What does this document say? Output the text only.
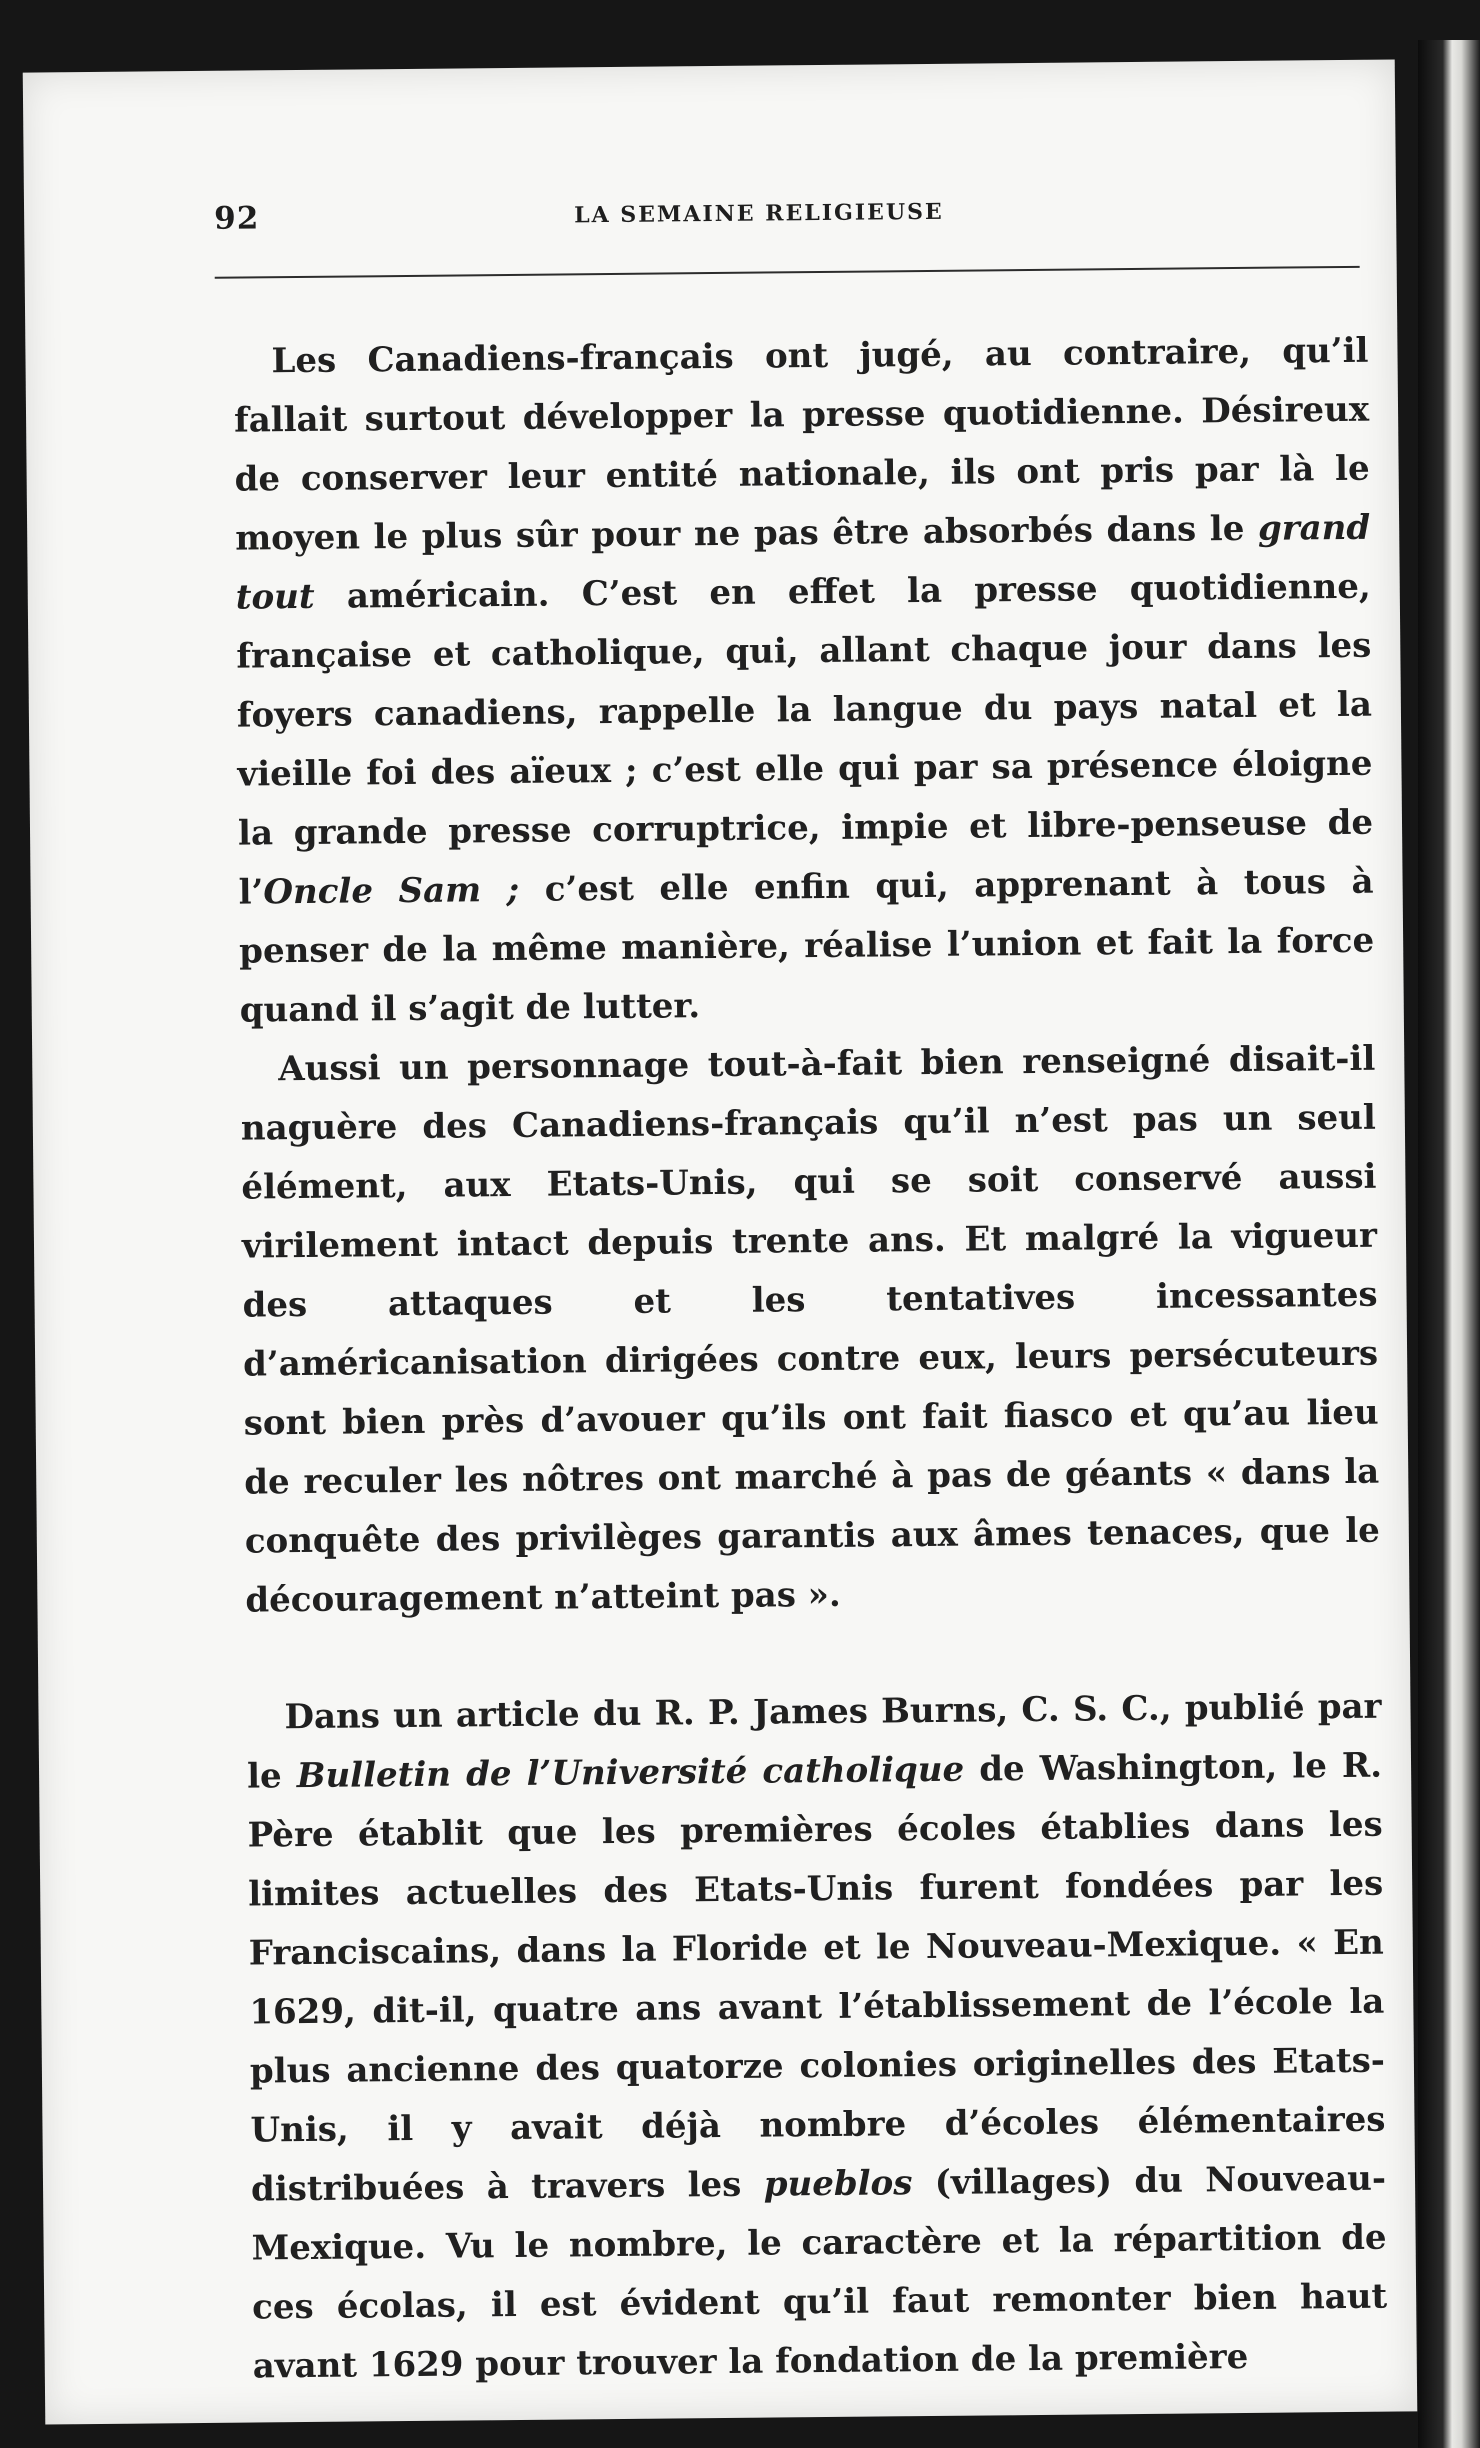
92	LA SEMAINE RELIGIEUSE

Les Canadiens-français ont jugé, au contraire, qu’il fallait surtout développer la presse quotidienne. Désireux de conserver leur entité nationale, ils ont pris par là le moyen le plus sûr pour ne pas être absorbés dans le grand tout américain. C’est en effet la presse quotidienne, française et catholique, qui, allant chaque jour dans les foyers canadiens, rappelle la langue du pays natal et la vieille foi des aïeux ; c’est elle qui par sa présence éloigne la grande presse corruptrice, impie et libre-penseuse de l’Oncle Sam ; c’est elle enfin qui, apprenant à tous à penser de la même manière, réalise l’union et fait la force quand il s’agit de lutter.

Aussi un personnage tout-à-fait bien renseigné disait-il naguère des Canadiens-français qu’il n’est pas un seul élément, aux Etats-Unis, qui se soit conservé aussi virilement intact depuis trente ans. Et malgré la vigueur des attaques et les tentatives incessantes d’américanisation dirigées contre eux, leurs persécuteurs sont bien près d’avouer qu’ils ont fait fiasco et qu’au lieu de reculer les nôtres ont marché à pas de géants « dans la conquête des privilèges garantis aux âmes tenaces, que le découragement n’atteint pas ».

Dans un article du R. P. James Burns, C. S. C., publié par le Bulletin de l’Université catholique de Washington, le R. Père établit que les premières écoles établies dans les limites actuelles des Etats-Unis furent fondées par les Franciscains, dans la Floride et le Nouveau-Mexique. « En 1629, dit-il, quatre ans avant l’établissement de l’école la plus ancienne des quatorze colonies originelles des Etats-Unis, il y avait déjà nombre d’écoles élémentaires distribuées à travers les pueblos (villages) du Nouveau-Mexique. Vu le nombre, le caractère et la répartition de ces écolas, il est évident qu’il faut remonter bien haut avant 1629 pour trouver la fondation de la première
